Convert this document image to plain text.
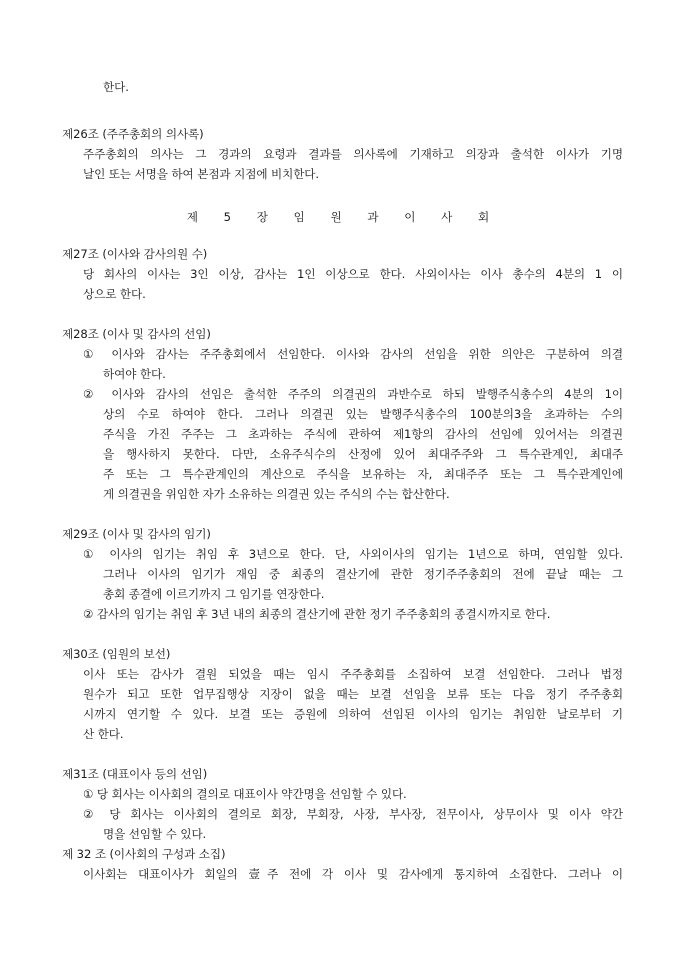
한다.
제26조 (주주총회의 의사록)
주주총회의 의사는 그 경과의 요령과 결과를 의사록에 기재하고 의장과 출석한 이사가 기명
날인 또는 서명을 하여 본점과 지점에 비치한다.
제 5 장 임 원 과 이 사 회
제27조 (이사와 감사의원 수)
당 회사의 이사는 3인 이상, 감사는 1인 이상으로 한다. 사외이사는 이사 총수의 4분의 1 이
상으로 한다.
제28조 (이사 및 감사의 선임)
① 이사와 감사는 주주총회에서 선임한다. 이사와 감사의 선임을 위한 의안은 구분하여 의결
하여야 한다.
② 이사와 감사의 선임은 출석한 주주의 의결권의 과반수로 하되 발행주식총수의 4분의 1이
상의 수로 하여야 한다. 그러나 의결권 있는 발행주식총수의 100분의3을 초과하는 수의
주식을 가진 주주는 그 초과하는 주식에 관하여 제1항의 감사의 선임에 있어서는 의결권
을 행사하지 못한다. 다만, 소유주식수의 산정에 있어 최대주주와 그 특수관계인, 최대주
주 또는 그 특수관계인의 계산으로 주식을 보유하는 자, 최대주주 또는 그 특수관계인에
게 의결권을 위임한 자가 소유하는 의결권 있는 주식의 수는 합산한다.
제29조 (이사 및 감사의 임기)
① 이사의 임기는 취임 후 3년으로 한다. 단, 사외이사의 임기는 1년으로 하며, 연임할 있다.
그러나 이사의 임기가 재임 중 최종의 결산기에 관한 정기주주총회의 전에 끝날 때는 그
총회 종결에 이르기까지 그 임기를 연장한다.
② 감사의 임기는 취임 후 3년 내의 최종의 결산기에 관한 정기 주주총회의 종결시까지로 한다.
제30조 (임원의 보선)
이사 또는 감사가 결원 되었을 때는 임시 주주총회를 소집하여 보결 선임한다. 그러나 법정
원수가 되고 또한 업무집행상 지장이 없을 때는 보결 선임을 보류 또는 다음 정기 주주총회
시까지 연기할 수 있다. 보결 또는 증원에 의하여 선임된 이사의 임기는 취임한 날로부터 기
산 한다.
제31조 (대표이사 등의 선임)
① 당 회사는 이사회의 결의로 대표이사 약간명을 선임할 수 있다.
② 당 회사는 이사회의 결의로 회장, 부회장, 사장, 부사장, 전무이사, 상무이사 및 이사 약간
명을 선임할 수 있다.
제 32 조 (이사회의 구성과 소집)
이사회는 대표이사가 회일의 壹주 전에 각 이사 및 감사에게 통지하여 소집한다. 그러나 이
